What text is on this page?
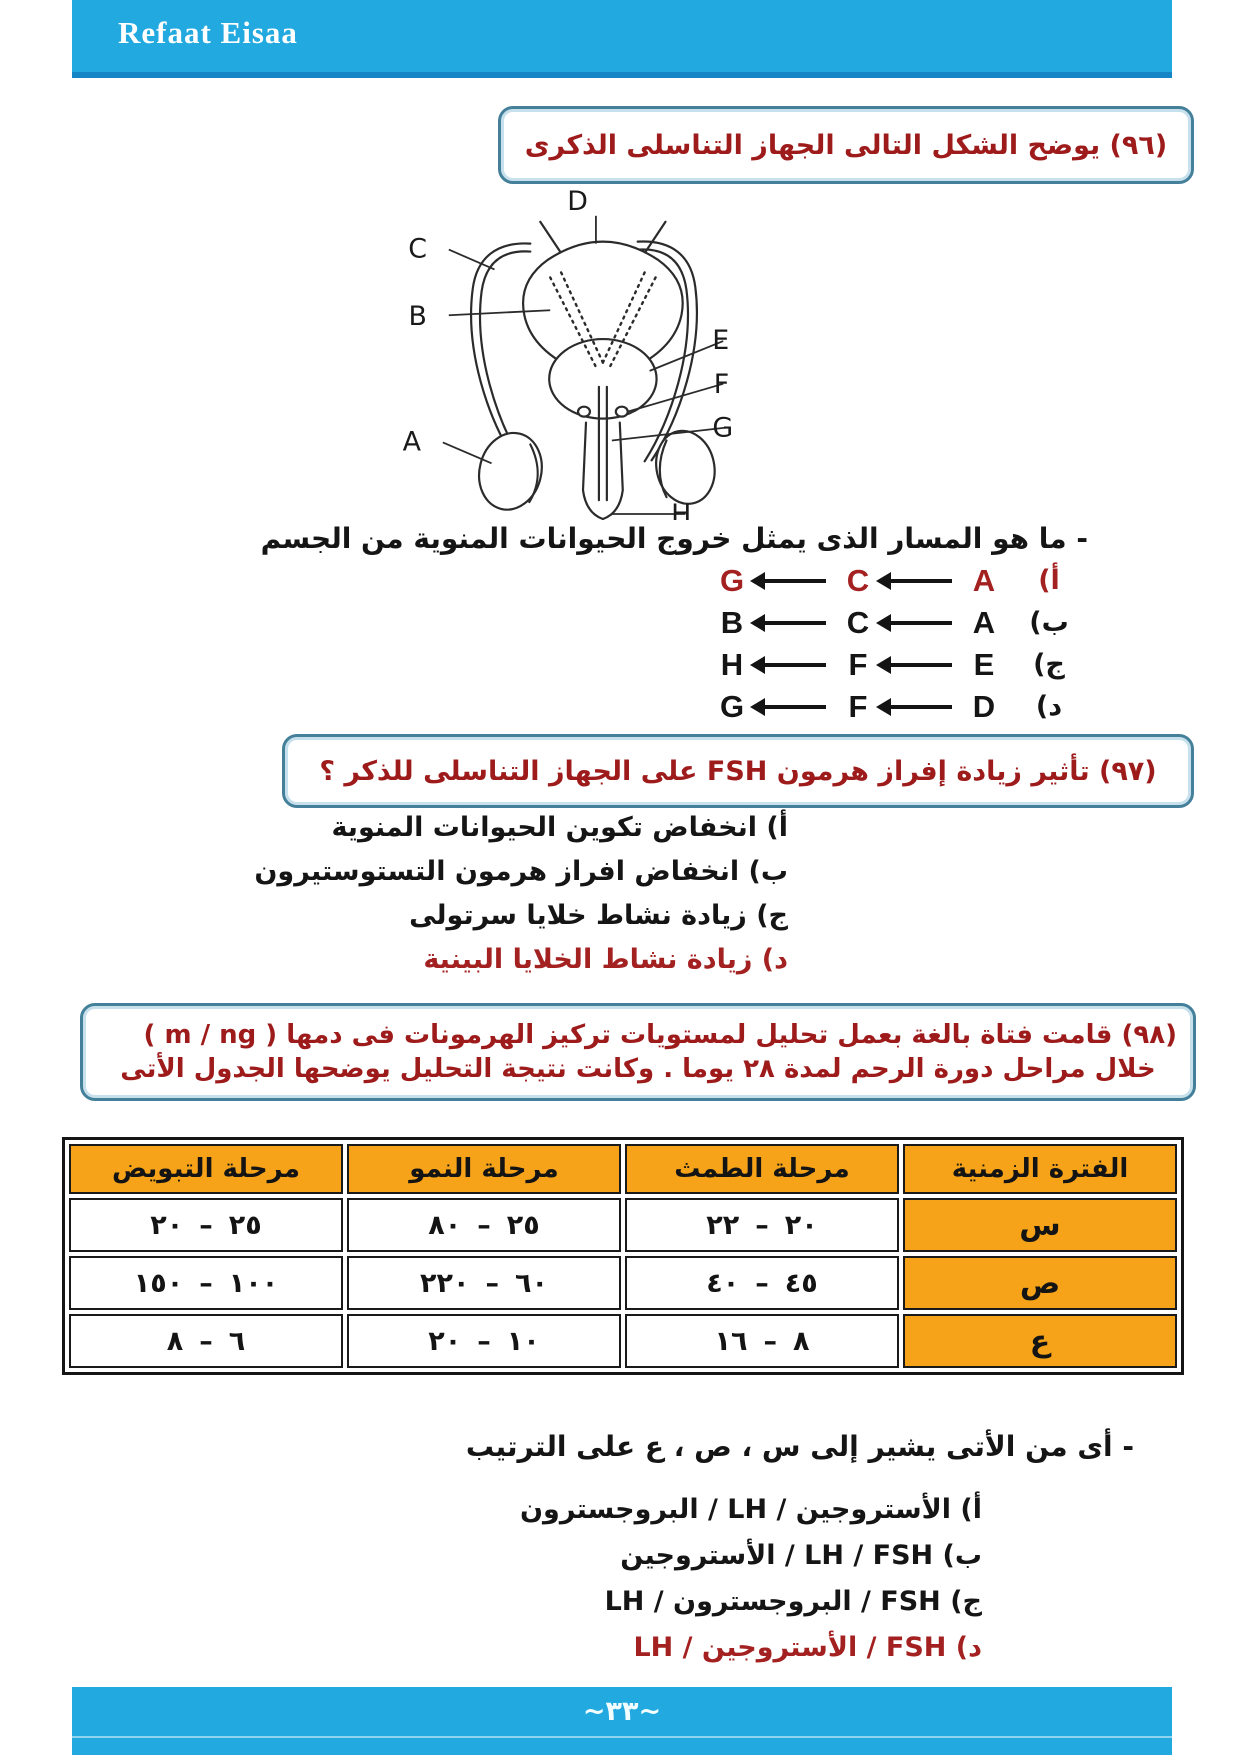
Refaat Eisaa
(٩٦) يوضح الشكل التالى الجهاز التناسلى الذكرى
D
C
B
E
F
G
A
H

- ما هو المسار الذى يمثل خروج الحيوانات المنوية من الجسم

أ)
A
C
G
ب)
A
C
B
ج)
E
F
H
د)
D
F
G
(٩٧) تأثير زيادة إفراز هرمون FSH على الجهاز التناسلى للذكر ؟

أ) انخفاض تكوين الحيوانات المنوية

ب) انخفاض افراز هرمون التستوستيرون

ج) زيادة نشاط خلايا سرتولى

د) زيادة نشاط الخلايا البينية

(٩٨) قامت فتاة بالغة بعمل تحليل لمستويات تركيز الهرمونات فى دمها ( m / ng )
خلال مراحل دورة الرحم لمدة ٢٨ يوما . وكانت نتيجة التحليل يوضحها الجدول الأتى
الفترة الزمنية	مرحلة الطمث	مرحلة النمو	مرحلة التبويض
س	٢٢ – ٢٠	٨٠ – ٢٥	٢٠ – ٢٥

ص	٤٠ – ٤٥	٢٢٠ – ٦٠	١٥٠ – ١٠٠

ع	١٦ – ٨	٢٠ – ١٠	٨ – ٦

- أى من الأتى يشير إلى س ، ص ، ع على الترتيب

أ) الأستروجين / LH / البروجسترون

ب) FSH ‏/ LH ‏/ الأستروجين

ج) FSH / البروجسترون / LH

د) FSH / الأستروجين / LH

~٣٣~
